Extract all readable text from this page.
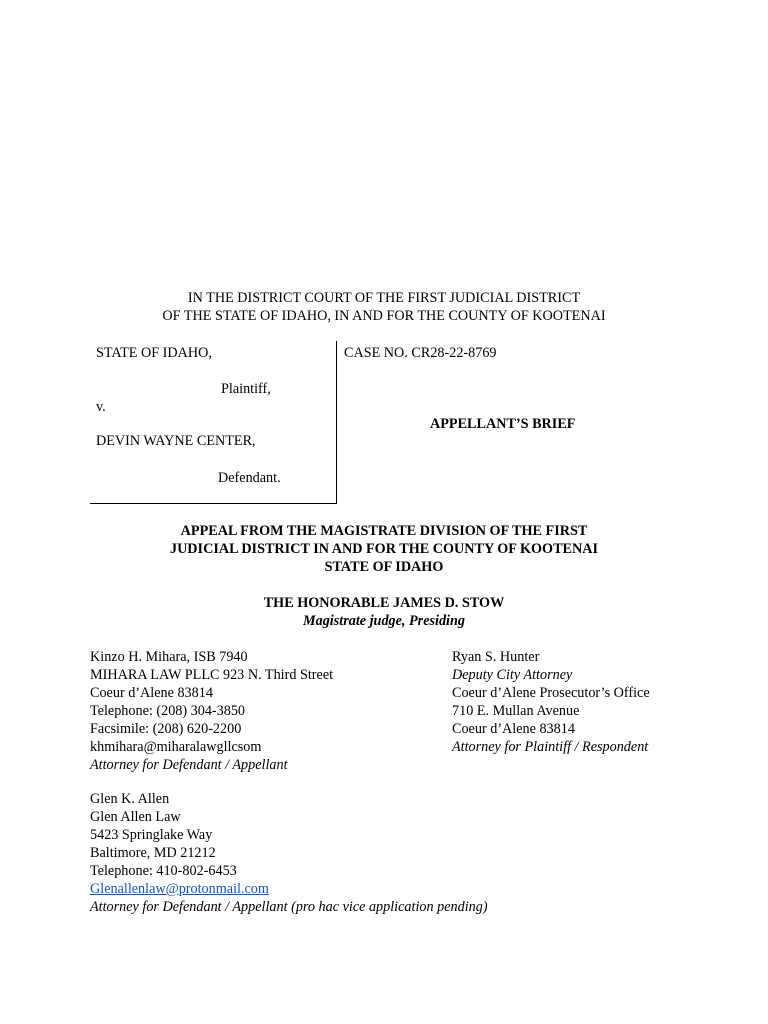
IN THE DISTRICT COURT OF THE FIRST JUDICIAL DISTRICT
OF THE STATE OF IDAHO, IN AND FOR THE COUNTY OF KOOTENAI
STATE OF IDAHO,
Plaintiff,
v.
DEVIN WAYNE CENTER,
Defendant.
CASE NO. CR28-22-8769
APPELLANT’S BRIEF
APPEAL FROM THE MAGISTRATE DIVISION OF THE FIRST
JUDICIAL DISTRICT IN AND FOR THE COUNTY OF KOOTENAI
STATE OF IDAHO
THE HONORABLE JAMES D. STOW
Magistrate judge, Presiding
Kinzo H. Mihara, ISB 7940
MIHARA LAW PLLC 923 N. Third Street
Coeur d’Alene 83814
Telephone: (208) 304-3850
Facsimile: (208) 620-2200
khmihara@miharalawgllcsom
Attorney for Defendant / Appellant
Ryan S. Hunter
Deputy City Attorney
Coeur d’Alene Prosecutor’s Office
710 E. Mullan Avenue
Coeur d’Alene 83814
Attorney for Plaintiff / Respondent
Glen K. Allen
Glen Allen Law
5423 Springlake Way
Baltimore, MD 21212
Telephone: 410-802-6453
Glenallenlaw@protonmail.com
Attorney for Defendant / Appellant (pro hac vice application pending)
